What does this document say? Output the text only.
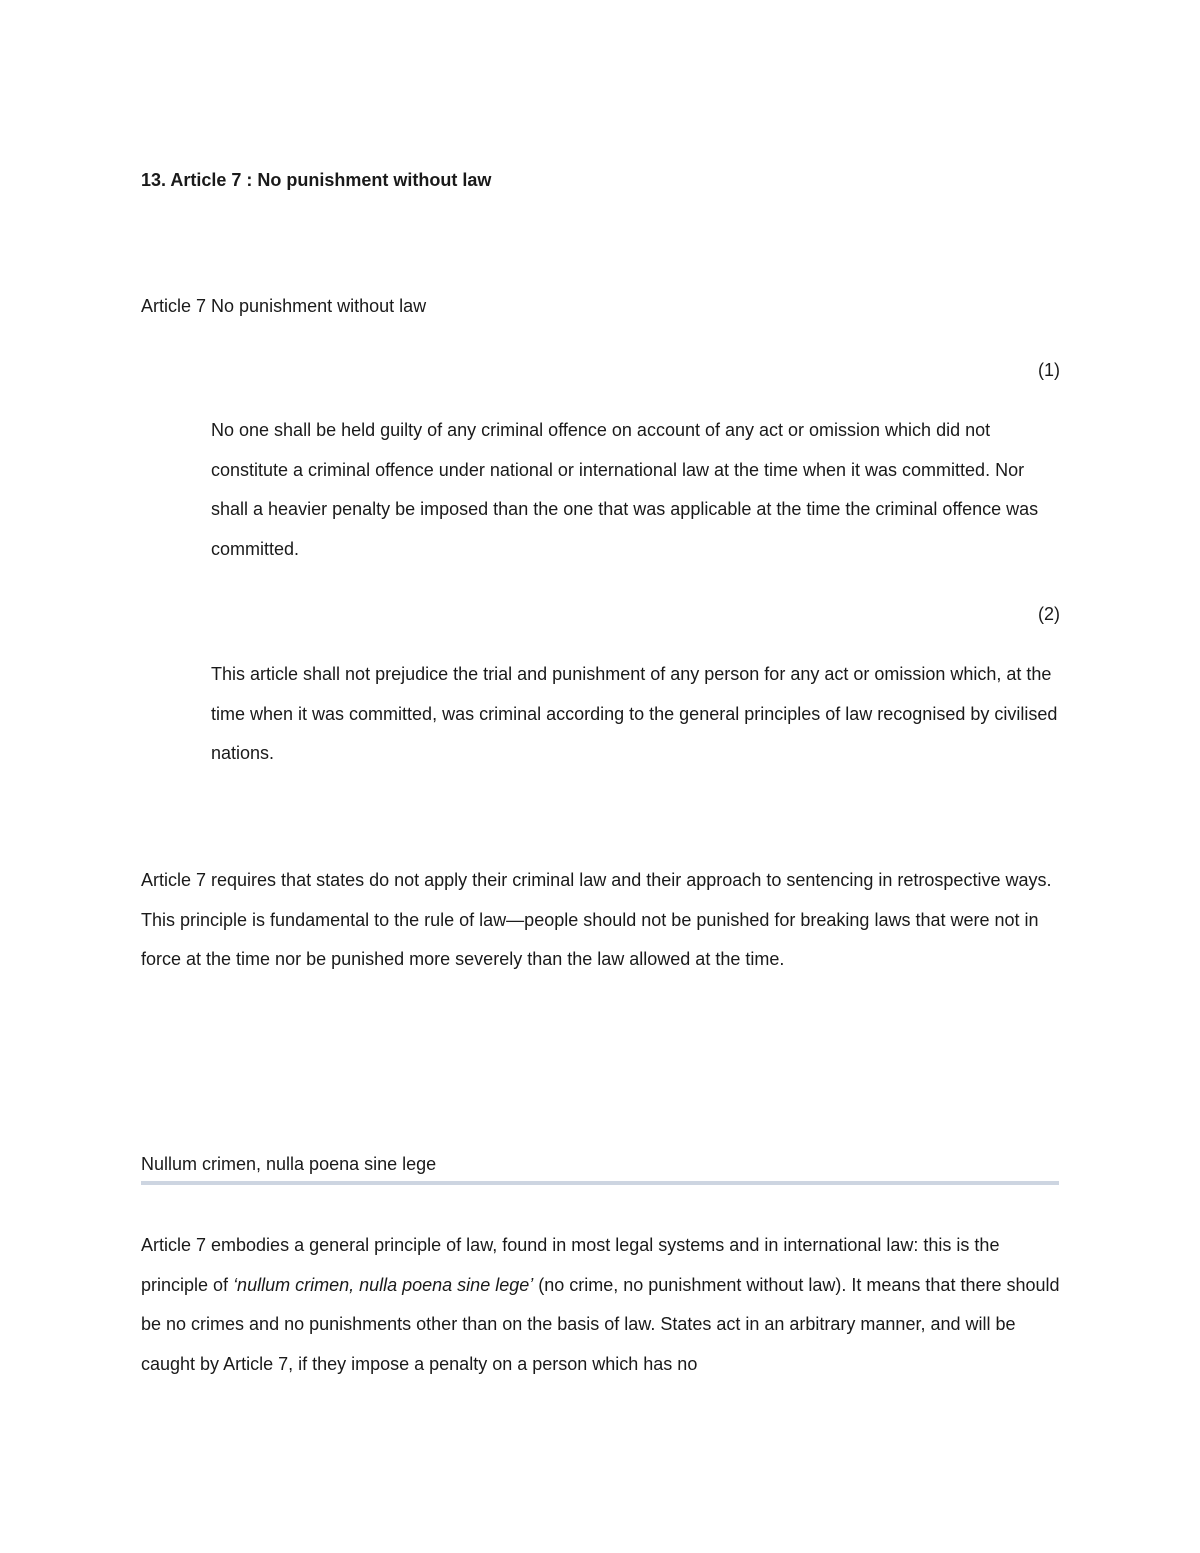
13. Article 7 : No punishment without law
Article 7 No punishment without law
(1)
No one shall be held guilty of any criminal offence on account of any act or omission which did not constitute a criminal offence under national or international law at the time when it was committed. Nor shall a heavier penalty be imposed than the one that was applicable at the time the criminal offence was committed.
(2)
This article shall not prejudice the trial and punishment of any person for any act or omission which, at the time when it was committed, was criminal according to the general principles of law recognised by civilised nations.
Article 7 requires that states do not apply their criminal law and their approach to sentencing in retrospective ways. This principle is fundamental to the rule of law—people should not be punished for breaking laws that were not in force at the time nor be punished more severely than the law allowed at the time.
Nullum crimen, nulla poena sine lege
Article 7 embodies a general principle of law, found in most legal systems and in international law: this is the principle of ‘nullum crimen, nulla poena sine lege’ (no crime, no punishment without law). It means that there should be no crimes and no punishments other than on the basis of law. States act in an arbitrary manner, and will be caught by Article 7, if they impose a penalty on a person which has no
